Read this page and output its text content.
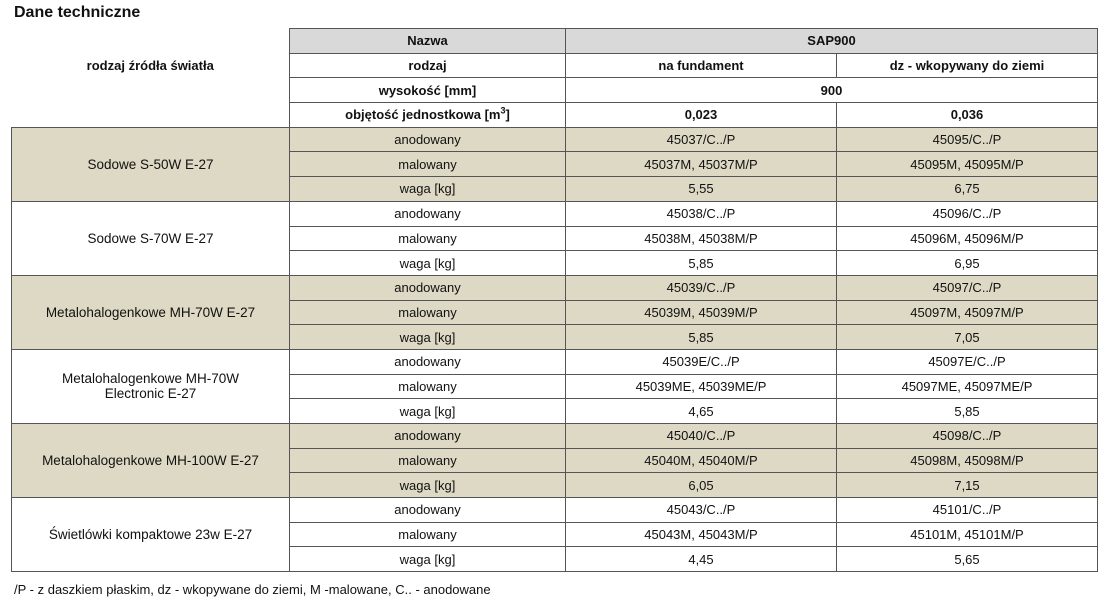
Dane techniczne
rodzaj źródła światła	Nazwa	SAP900	
	rodzaj	na fundament	dz - wkopywany do ziemi
	wysokość [mm]	900	
	objętość jednostkowa $[m^3]$	0,023	0,036
Sodowe S-50W E-27	anodowany	45037/C../P	45095/C../P
	malowany	45037M, 45037M/P	45095M, 45095M/P
	waga [kg]	5,55	6,75
Sodowe S-70W E-27	anodowany	45038/C../P	45096/C../P
	malowany	45038M, 45038M/P	45096M, 45096M/P
	waga [kg]	5,85	6,95
Metalohalogenkowe MH-70W E-27	anodowany	45039/C../P	45097/C../P
	malowany	45039M, 45039M/P	45097M, 45097M/P
	waga [kg]	5,85	7,05
Metalohalogenkowe MH-70W
Electronic E-27	anodowany	45039E/C../P	45097E/C../P
	malowany	45039ME, 45039ME/P	45097ME, 45097ME/P
	waga [kg]	4,65	5,85
Metalohalogenkowe MH-100W E-27	anodowany	45040/C../P	45098/C../P
	malowany	45040M, 45040M/P	45098M, 45098M/P
	waga [kg]	6,05	7,15
Świetlówki kompaktowe 23w E-27	anodowany	45043/C../P	45101/C../P
	malowany	45043M, 45043M/P	45101M, 45101M/P
	waga [kg]	4,45	5,65
/P - z daszkiem płaskim, dz - wkopywane do ziemi, M -malowane, C.. - anodowane
